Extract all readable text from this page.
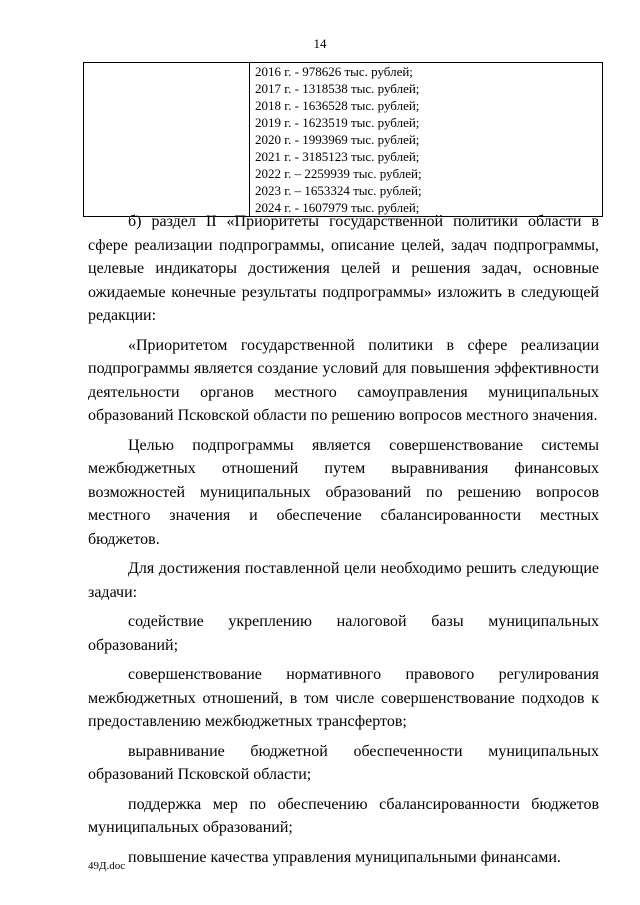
14

2016 г. - 978626 тыс. рублей;
2017 г. - 1318538 тыс. рублей;
2018 г. - 1636528 тыс. рублей;
2019 г. - 1623519 тыс. рублей;
2020 г. - 1993969 тыс. рублей;
2021 г. - 3185123 тыс. рублей;
2022 г. – 2259939 тыс. рублей;
2023 г. – 1653324 тыс. рублей;
2024 г. - 1607979 тыс. рублей;

б) раздел II «Приоритеты государственной политики области в сфере реализации подпрограммы, описание целей, задач подпрограммы, целевые индикаторы достижения целей и решения задач, основные ожидаемые конечные результаты подпрограммы» изложить в следующей редакции:

«Приоритетом государственной политики в сфере реализации подпрограммы является создание условий для повышения эффективности деятельности органов местного самоуправления муниципальных образований Псковской области по решению вопросов местного значения.

Целью подпрограммы является совершенствование системы межбюджетных отношений путем выравнивания финансовых возможностей муниципальных образований по решению вопросов местного значения и обеспечение сбалансированности местных бюджетов.

Для достижения поставленной цели необходимо решить следующие задачи:

содействие укреплению налоговой базы муниципальных образований;

совершенствование нормативного правового регулирования межбюджетных отношений, в том числе совершенствование подходов к предоставлению межбюджетных трансфертов;

выравнивание бюджетной обеспеченности муниципальных образований Псковской области;

поддержка мер по обеспечению сбалансированности бюджетов муниципальных образований;

повышение качества управления муниципальными финансами.

49Д.doc
